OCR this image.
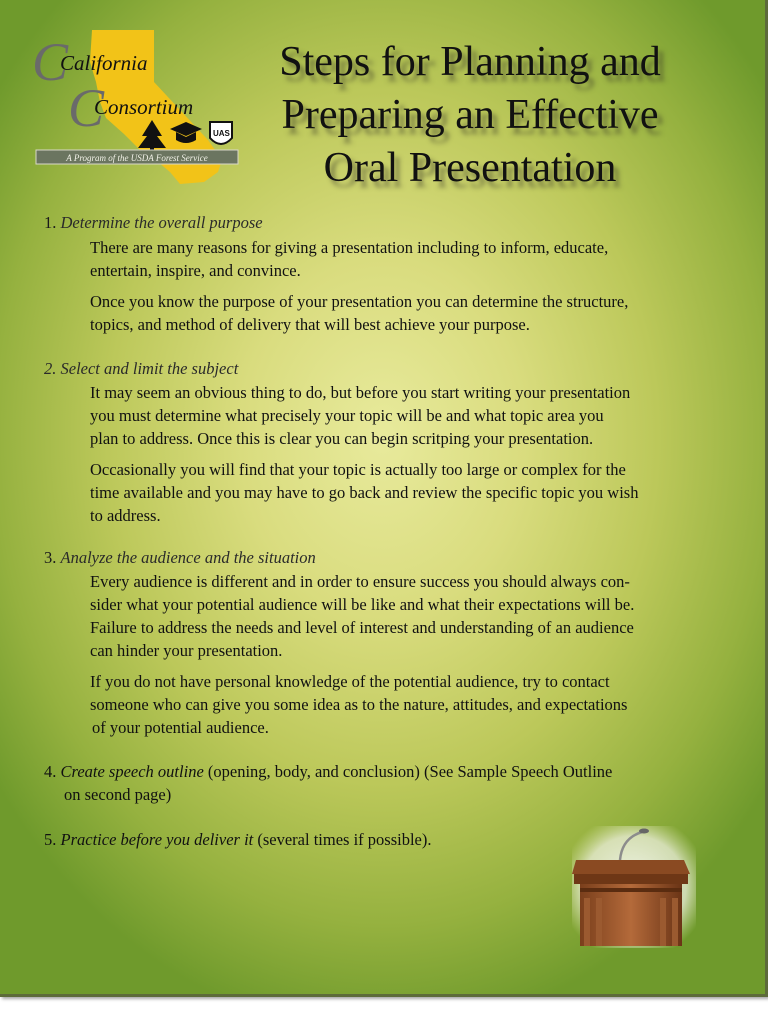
C
California
C
Consortium
UAS
A Program of the USDA Forest Service
Steps for Planning and
Preparing an Effective
Oral Presentation
1. Determine the overall purpose
There are many reasons for giving a presentation including to inform, educate,
entertain, inspire, and convince.
Once you know the purpose of your presentation you can determine the structure,
topics, and method of delivery that will best achieve your purpose.
2. Select and limit the subject
It may seem an obvious thing to do, but before you start writing your presentation
you must determine what precisely your topic will be and what topic area you
plan to address. Once this is clear you can begin scritping your presentation.
Occasionally you will find that your topic is actually too large or complex for the
time available and you may have to go back and review the specific topic you wish
to address.
3. Analyze the audience and the situation
Every audience is different and in order to ensure success you should always con-
sider what your potential audience will be like and what their expectations will be.
Failure to address the needs and level of interest and understanding of an audience
can hinder your presentation.
If you do not have personal knowledge of the potential audience, try to contact
someone who can give you some idea as to the nature, attitudes, and expectations
of your potential audience.
4. Create speech outline (opening, body, and conclusion) (See Sample Speech Outline
on second page)
5. Practice before you deliver it (several times if possible).
